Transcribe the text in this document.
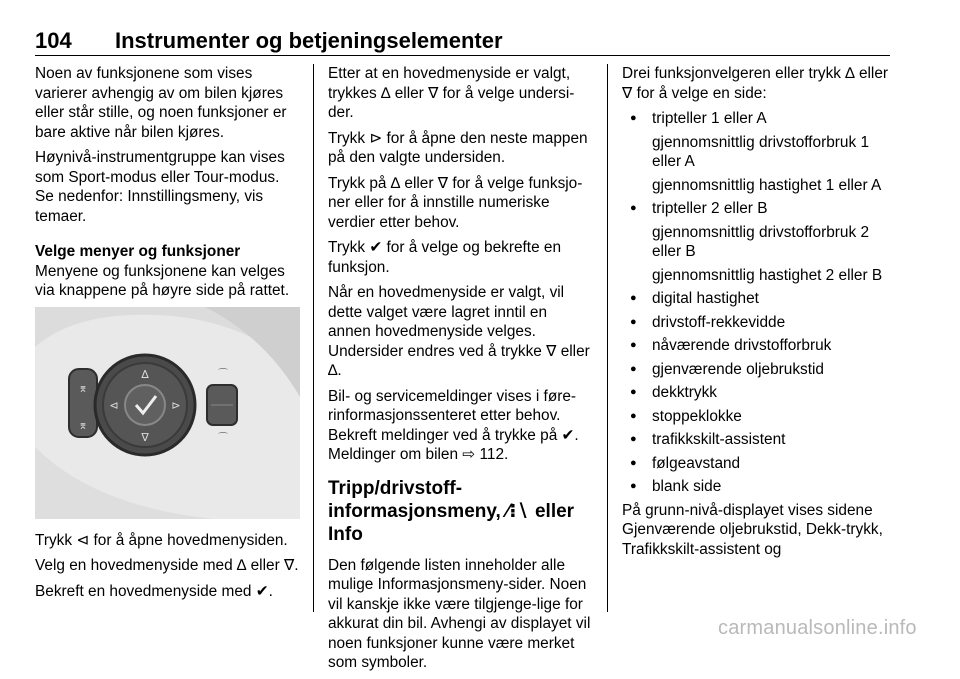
104 Instrumenter og betjeningselementer

Noen av funksjonene som vises varierer avhengig av om bilen kjøres eller står stille, og noen funksjoner er bare aktive når bilen kjøres.

Høynivå-instrumentgruppe kan vises som Sport-modus eller Tour-modus. Se nedenfor: Innstillingsmeny, vis temaer.

Velge menyer og funksjoner

Menyene og funksjonene kan velges via knappene på høyre side på rattet.

⌆
⌆
∆
∇
⊲	⊳
⌒
⌒

Trykk ⊲ for å åpne hovedmenysiden.

Velg en hovedmenyside med ∆ eller ∇.

Bekreft en hovedmenyside med ✔.

Etter at en hovedmenyside er valgt, trykkes ∆ eller ∇ for å velge undersi-der.

Trykk ⊳ for å åpne den neste mappen på den valgte undersiden.

Trykk på ∆ eller ∇ for å velge funksjo-ner eller for å innstille numeriske verdier etter behov.

Trykk ✔ for å velge og bekrefte en funksjon.

Når en hovedmenyside er valgt, vil dette valget være lagret inntil en annen hovedmenyside velges. Undersider endres ved å trykke ∇ eller ∆.

Bil- og servicemeldinger vises i føre-rinformasjonssenteret etter behov. Bekreft meldinger ved å trykke på ✔. Meldinger om bilen ⇨ 112.

Tripp/drivstoff-informasjonsmeny, ⁄⁝∖ eller Info

Den følgende listen inneholder alle mulige Informasjonsmeny-sider. Noen vil kanskje ikke være tilgjenge-lige for akkurat din bil. Avhengi av displayet vil noen funksjoner kunne være merket som symboler.

Drei funksjonvelgeren eller trykk ∆ eller ∇ for å velge en side:

● tripteller 1 eller A
gjennomsnittlig drivstofforbruk 1 eller A
gjennomsnittlig hastighet 1 eller A
● tripteller 2 eller B
gjennomsnittlig drivstofforbruk 2 eller B
gjennomsnittlig hastighet 2 eller B
● digital hastighet
● drivstoff-rekkevidde
● nåværende drivstofforbruk
● gjenværende oljebrukstid
● dekktrykk
● stoppeklokke
● trafikkskilt-assistent
● følgeavstand
● blank side

På grunn-nivå-displayet vises sidene Gjenværende oljebrukstid, Dekk-trykk, Trafikkskilt-assistent og

carmanualsonline.info
